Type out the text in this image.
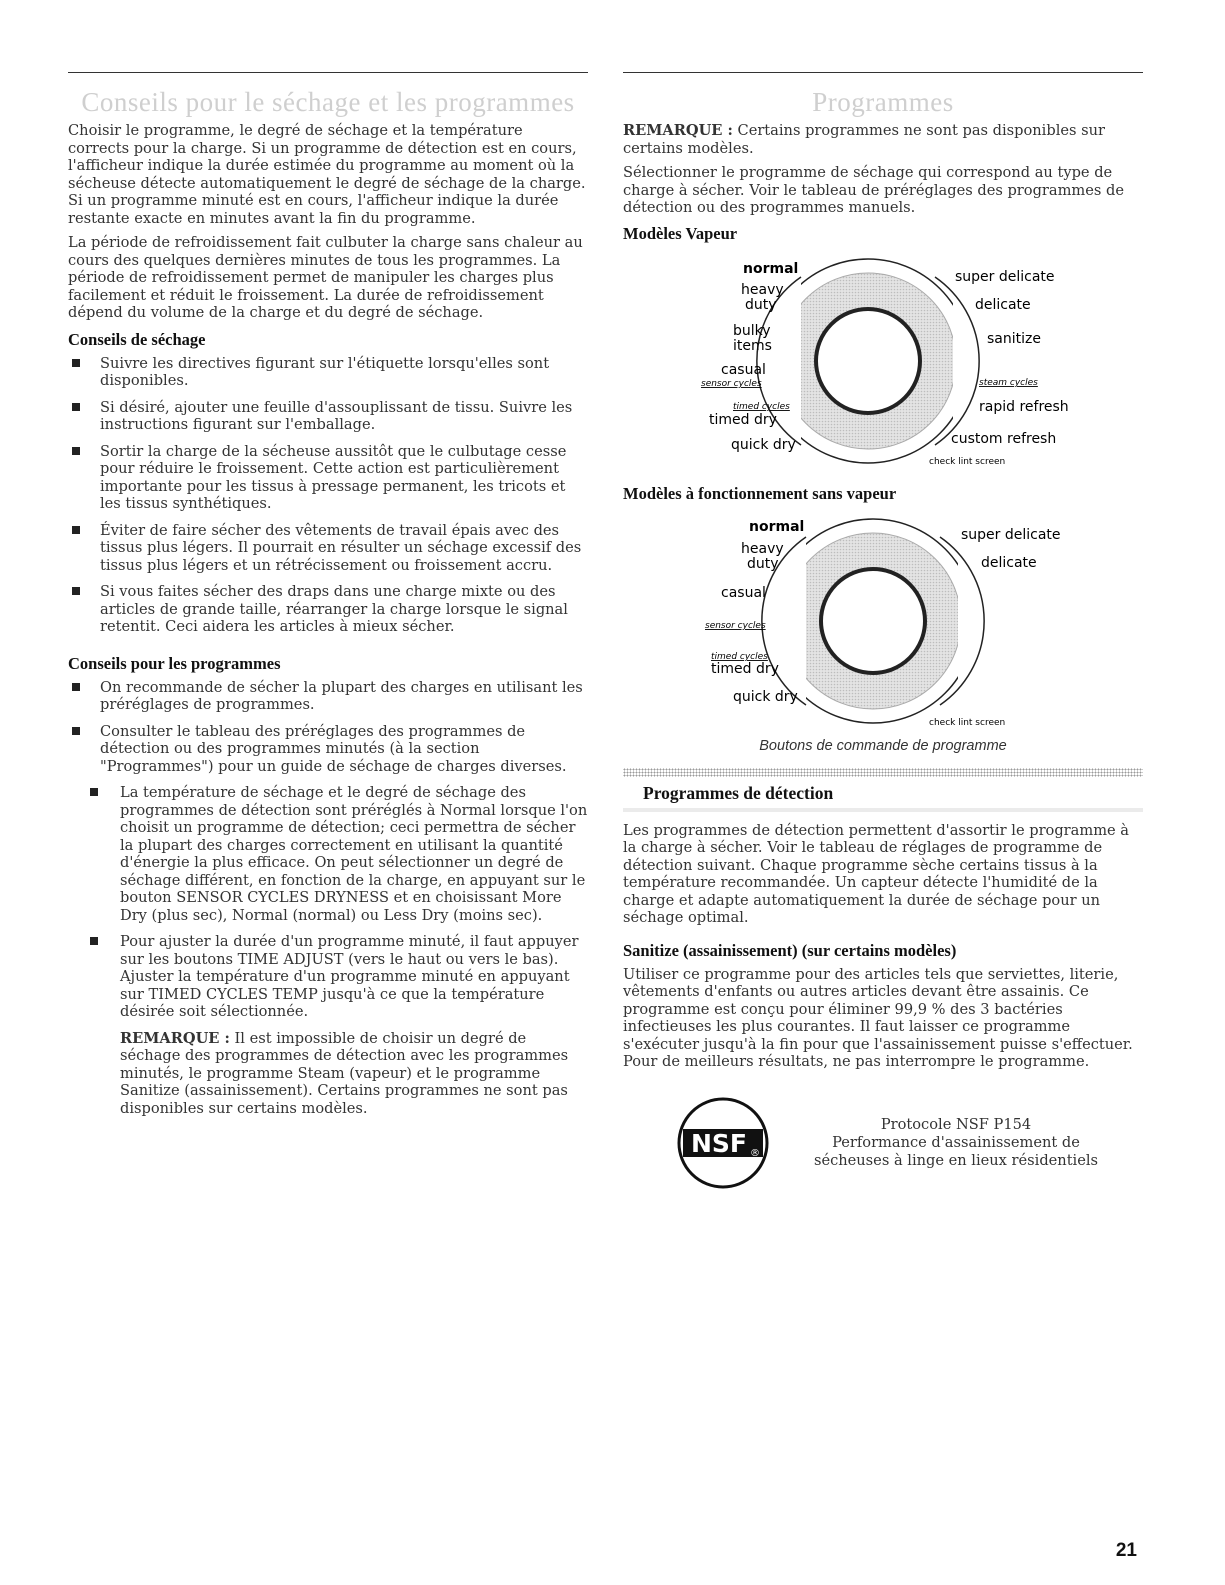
Conseils pour le séchage et les programmes

Choisir le programme, le degré de séchage et la température corrects pour la charge. Si un programme de détection est en cours, l'afficheur indique la durée estimée du programme au moment où la sécheuse détecte automatiquement le degré de séchage de la charge. Si un programme minuté est en cours, l'afficheur indique la durée restante exacte en minutes avant la fin du programme.

La période de refroidissement fait culbuter la charge sans chaleur au cours des quelques dernières minutes de tous les programmes. La période de refroidissement permet de manipuler les charges plus facilement et réduit le froissement. La durée de refroidissement dépend du volume de la charge et du degré de séchage.

Conseils de séchage
Suivre les directives figurant sur l'étiquette lorsqu'elles sont disponibles.
Si désiré, ajouter une feuille d'assouplissant de tissu. Suivre les instructions figurant sur l'emballage.
Sortir la charge de la sécheuse aussitôt que le culbutage cesse pour réduire le froissement. Cette action est particulièrement importante pour les tissus à pressage permanent, les tricots et les tissus synthétiques.
Éviter de faire sécher des vêtements de travail épais avec des tissus plus légers. Il pourrait en résulter un séchage excessif des tissus plus légers et un rétrécissement ou froissement accru.
Si vous faites sécher des draps dans une charge mixte ou des articles de grande taille, réarranger la charge lorsque le signal retentit. Ceci aidera les articles à mieux sécher.
Conseils pour les programmes
On recommande de sécher la plupart des charges en utilisant les préréglages de programmes.
Consulter le tableau des préréglages des programmes de détection ou des programmes minutés (à la section "Programmes") pour un guide de séchage de charges diverses.
La température de séchage et le degré de séchage des programmes de détection sont préréglés à Normal lorsque l'on choisit un programme de détection; ceci permettra de sécher la plupart des charges correctement en utilisant la quantité d'énergie la plus efficace. On peut sélectionner un degré de séchage différent, en fonction de la charge, en appuyant sur le bouton SENSOR CYCLES DRYNESS et en choisissant More Dry (plus sec), Normal (normal) ou Less Dry (moins sec).
Pour ajuster la durée d'un programme minuté, il faut appuyer sur les boutons TIME ADJUST (vers le haut ou vers le bas). Ajuster la température d'un programme minuté en appuyant sur TIMED CYCLES TEMP jusqu'à ce que la température désirée soit sélectionnée.

REMARQUE : Il est impossible de choisir un degré de séchage des programmes de détection avec les programmes minutés, le programme Steam (vapeur) et le programme Sanitize (assainissement). Certains programmes ne sont pas disponibles sur certains modèles.

Programmes

REMARQUE : Certains programmes ne sont pas disponibles sur certains modèles.

Sélectionner le programme de séchage qui correspond au type de charge à sécher. Voir le tableau de préréglages des programmes de détection ou des programmes manuels.

Modèles Vapeur
normal
heavy
duty
bulky
items
casual
sensor cycles
timed cycles
timed dry
quick dry
super delicate
delicate
sanitize
steam cycles
rapid refresh
custom refresh
check lint screen
Modèles à fonctionnement sans vapeur
normal
heavy
duty
casual
sensor cycles
timed cycles
timed dry
quick dry
super delicate
delicate
check lint screen
Boutons de commande de programme
Programmes de détection

Les programmes de détection permettent d'assortir le programme à la charge à sécher. Voir le tableau de réglages de programme de détection suivant. Chaque programme sèche certains tissus à la température recommandée. Un capteur détecte l'humidité de la charge et adapte automatiquement la durée de séchage pour un séchage optimal.

Sanitize (assainissement) (sur certains modèles)

Utiliser ce programme pour des articles tels que serviettes, literie, vêtements d'enfants ou autres articles devant être assainis. Ce programme est conçu pour éliminer 99,9 % des 3 bactéries infectieuses les plus courantes. Il faut laisser ce programme s'exécuter jusqu'à la fin pour que l'assainissement puisse s'effectuer. Pour de meilleurs résultats, ne pas interrompre le programme.

NSF ®
Protocole NSF P154
Performance d'assainissement de
sécheuses à linge en lieux résidentiels
21
